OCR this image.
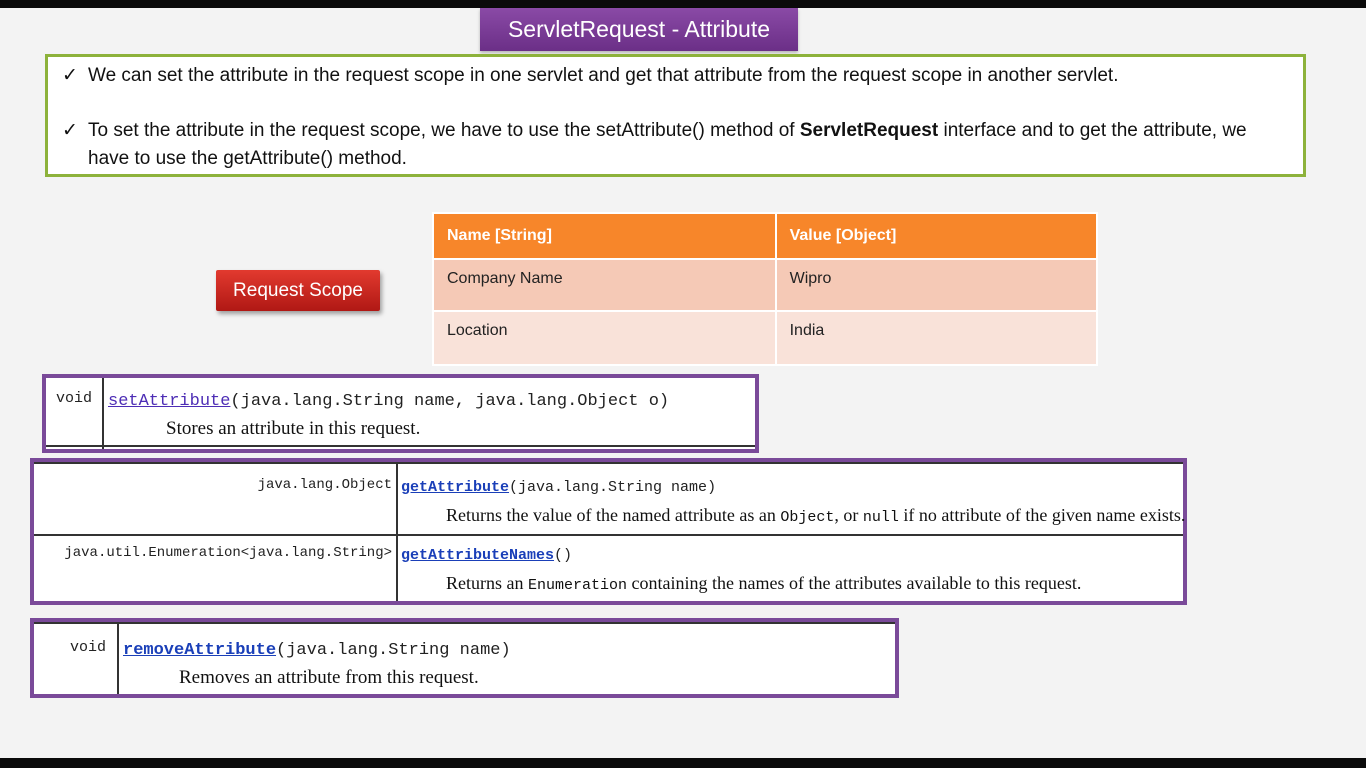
ServletRequest - Attribute
✓ We can set the attribute in the request scope in one servlet and get that attribute from the request scope in another servlet.
✓ To set the attribute in the request scope, we have to use the setAttribute() method of ServletRequest interface and to get the attribute, we have to use the getAttribute() method.
Request Scope
Name [String]	Value [Object]
Company Name	Wipro
Location	India
void setAttribute(java.lang.String name, java.lang.Object o)
Stores an attribute in this request.
java.lang.Object getAttribute(java.lang.String name)
Returns the value of the named attribute as an Object, or null if no attribute of the given name exists.
java.util.Enumeration<java.lang.String> getAttributeNames()
Returns an Enumeration containing the names of the attributes available to this request.
void removeAttribute(java.lang.String name)
Removes an attribute from this request.
